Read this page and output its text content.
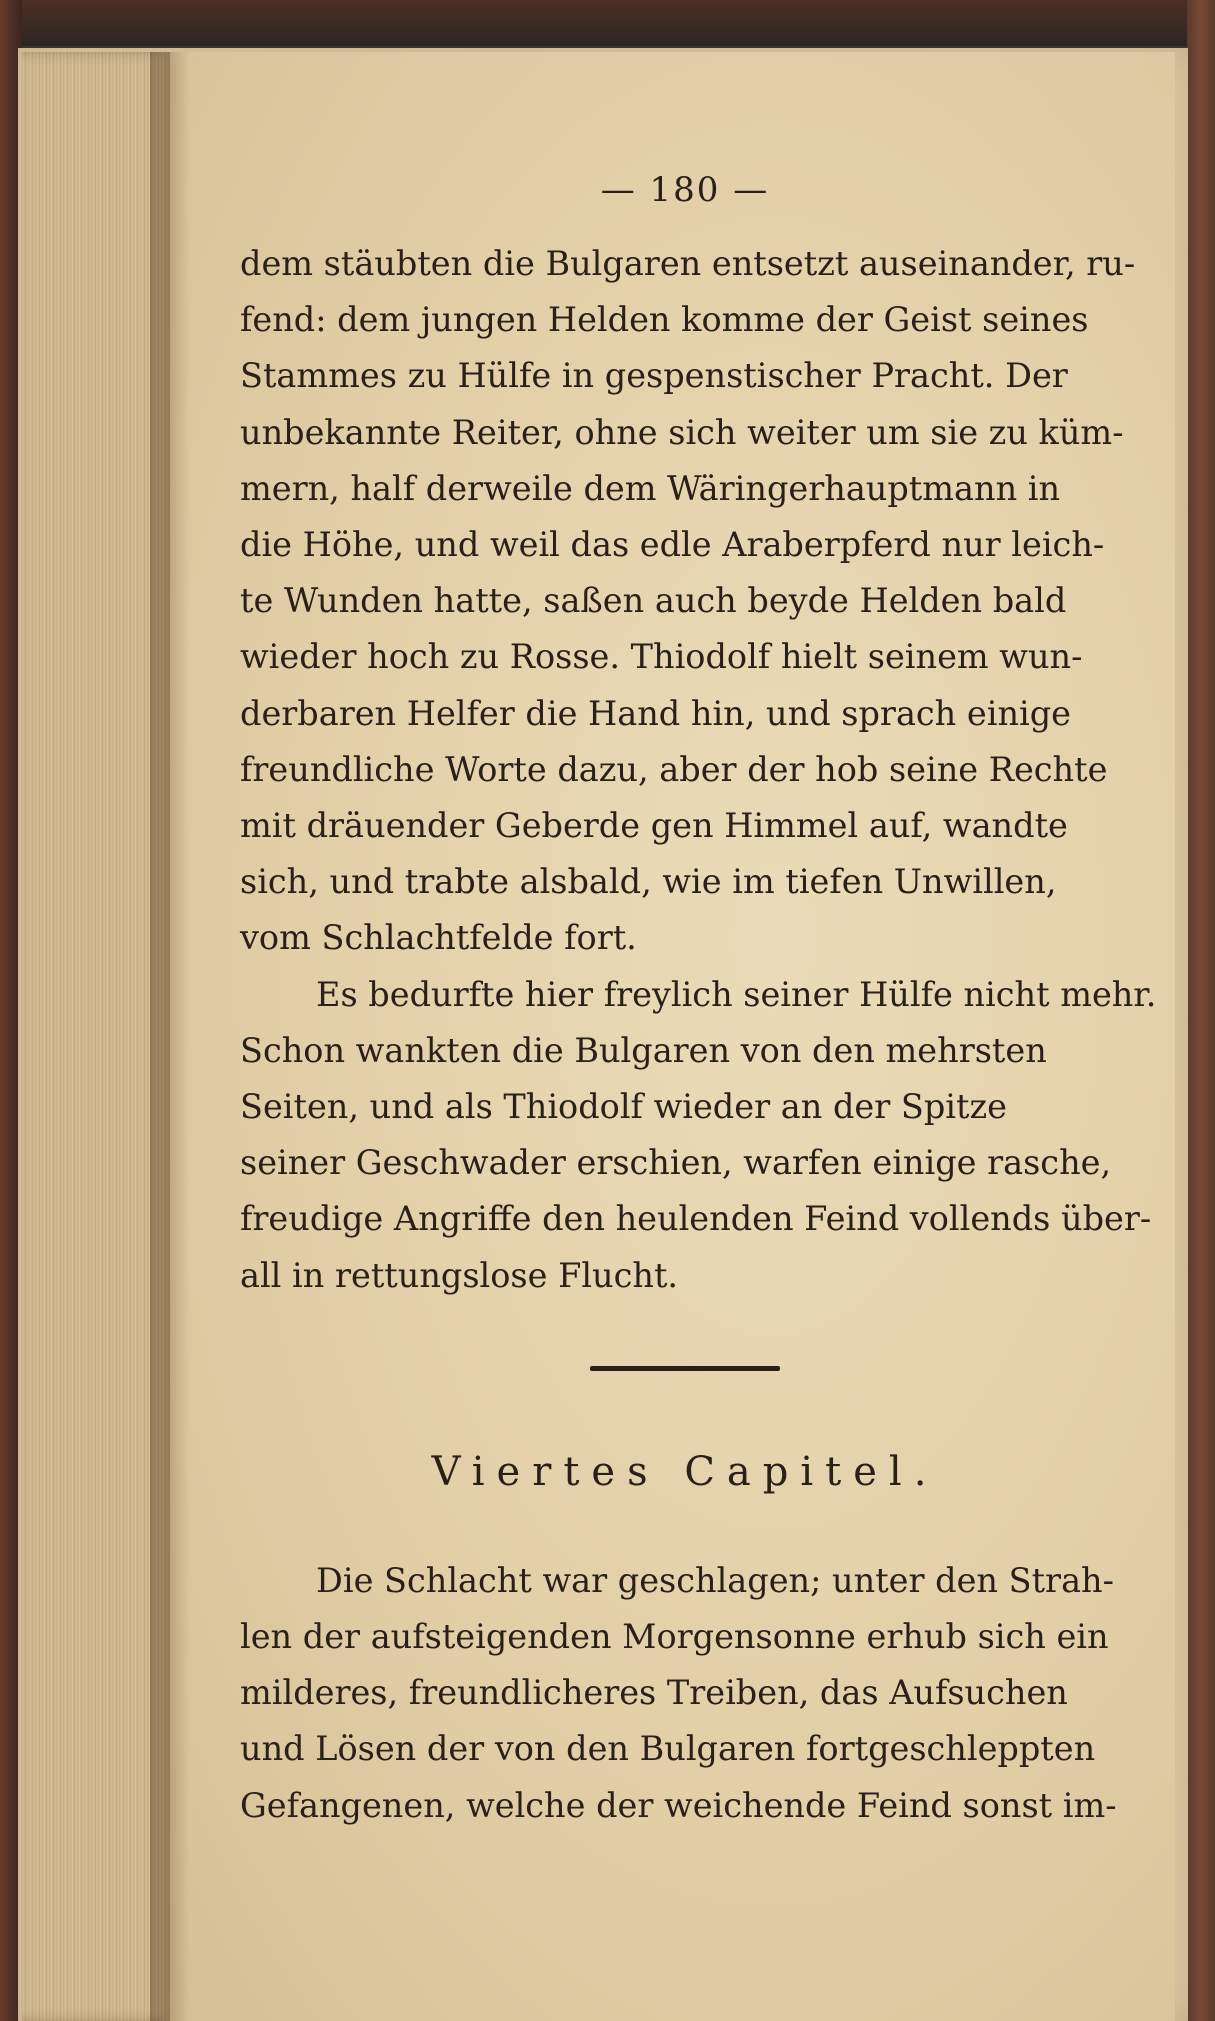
— 180 —

dem stäubten die Bulgaren entsetzt auseinander, ru-
fend: dem jungen Helden komme der Geist seines
Stammes zu Hülfe in gespenstischer Pracht. Der
unbekannte Reiter, ohne sich weiter um sie zu küm-
mern, half derweile dem Wäringerhauptmann in
die Höhe, und weil das edle Araberpferd nur leich-
te Wunden hatte, saßen auch beyde Helden bald
wieder hoch zu Rosse. Thiodolf hielt seinem wun-
derbaren Helfer die Hand hin, und sprach einige
freundliche Worte dazu, aber der hob seine Rechte
mit dräuender Geberde gen Himmel auf, wandte
sich, und trabte alsbald, wie im tiefen Unwillen,
vom Schlachtfelde fort.

Es bedurfte hier freylich seiner Hülfe nicht mehr.
Schon wankten die Bulgaren von den mehrsten
Seiten, und als Thiodolf wieder an der Spitze
seiner Geschwader erschien, warfen einige rasche,
freudige Angriffe den heulenden Feind vollends über-
all in rettungslose Flucht.

Viertes Capitel.

Die Schlacht war geschlagen; unter den Strah-
len der aufsteigenden Morgensonne erhub sich ein
milderes, freundlicheres Treiben, das Aufsuchen
und Lösen der von den Bulgaren fortgeschleppten
Gefangenen, welche der weichende Feind sonst im-
